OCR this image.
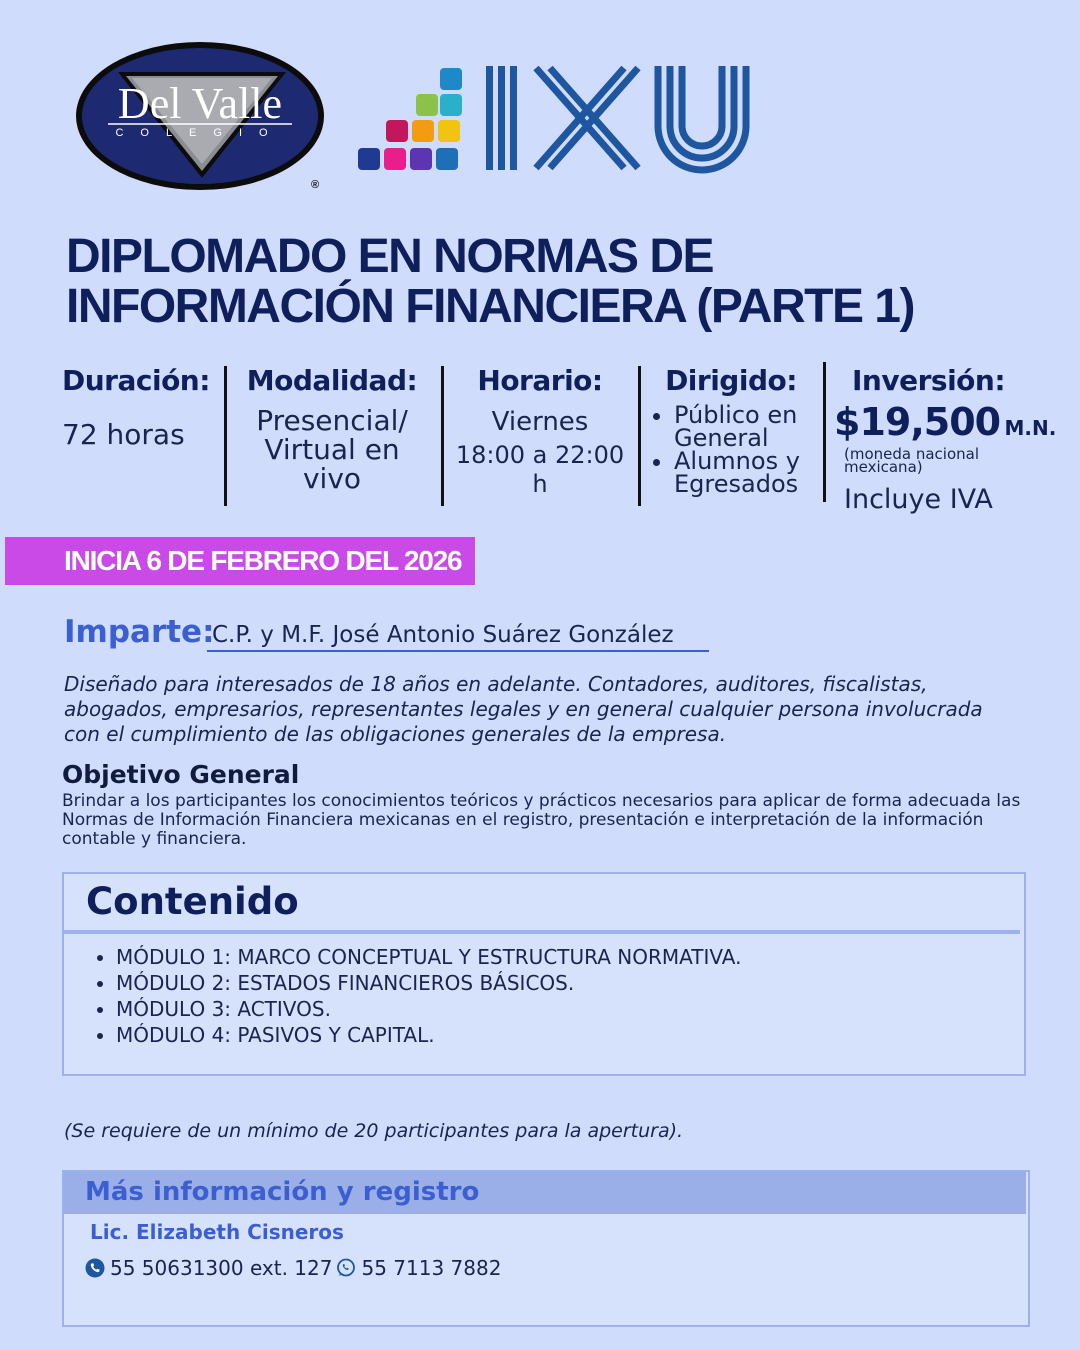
Del Valle
COLEGIO
®
DIPLOMADO EN NORMAS DE
INFORMACIÓN FINANCIERA (PARTE 1)
Duración:
72 horas
Modalidad:
Presencial/
Virtual en
vivo
Horario:
Viernes
18:00 a 22:00 h
Dirigido:
• Público en General
• Alumnos y Egresados
Inversión:
$19,500 M.N.
(moneda nacional mexicana)
Incluye IVA
INICIA 6 DE FEBRERO DEL 2026
Imparte:
C.P. y M.F. José Antonio Suárez González

Diseñado para interesados de 18 años en adelante. Contadores, auditores, fiscalistas, abogados, empresarios, representantes legales y en general cualquier persona involucrada con el cumplimiento de las obligaciones generales de la empresa.

Objetivo General

Brindar a los participantes los conocimientos teóricos y prácticos necesarios para aplicar de forma adecuada las Normas de Información Financiera mexicanas en el registro, presentación e interpretación de la información contable y financiera.

Contenido
• MÓDULO 1: MARCO CONCEPTUAL Y ESTRUCTURA NORMATIVA.
• MÓDULO 2: ESTADOS FINANCIEROS BÁSICOS.
• MÓDULO 3: ACTIVOS.
• MÓDULO 4: PASIVOS Y CAPITAL.
(Se requiere de un mínimo de 20 participantes para la apertura).
Más información y registro
Lic. Elizabeth Cisneros
55 50631300 ext. 127 55 7113 7882
